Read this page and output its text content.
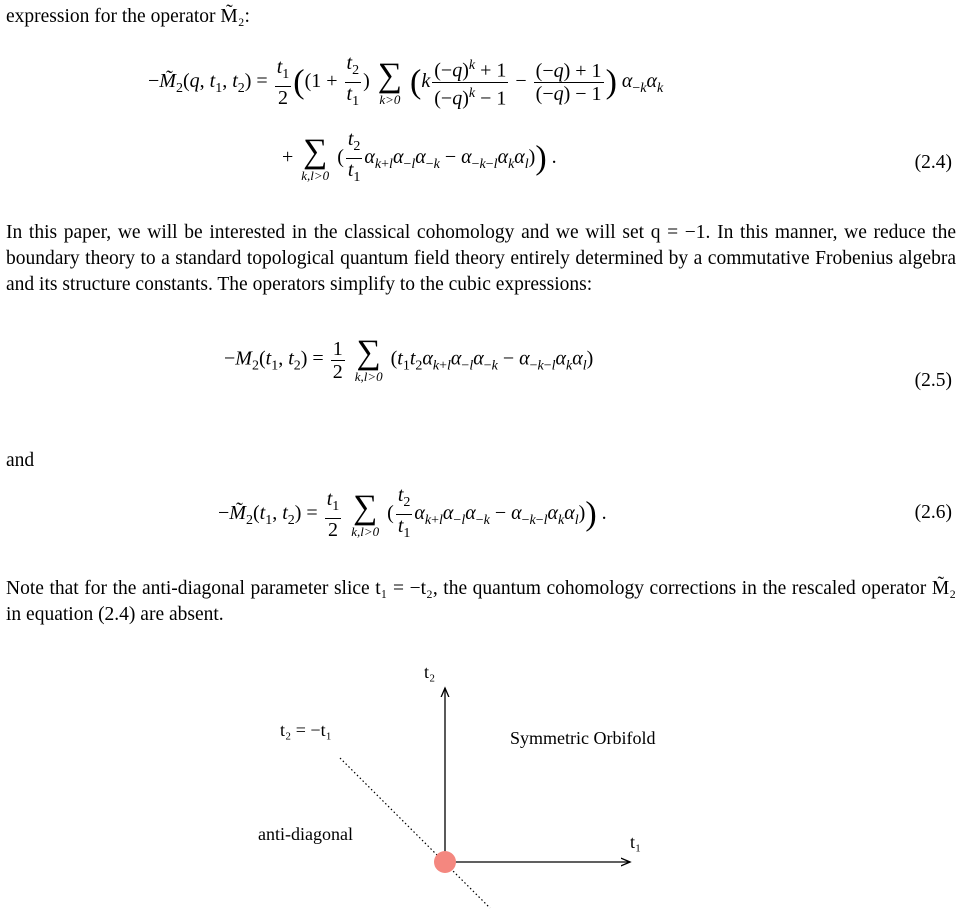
expression for the operator M̃₂:
$-M̃_2(q$, $t_1$, $t_2) = \frac{t_1}{2} ((1 + \frac{t_2}{t_1}$ ) ∑
k>0 ($k \frac{(-q)^k + 1}{(-q)^k - 1} - \frac{(-q) + 1}{(-q) - 1}$ ) $\alpha_{-k}\alpha_k$
+ ∑
k,l>0
( $\frac{t_2}{t_1} \alpha_{k+l}\alpha_{-l}\alpha_{-k} - \alpha_{-k-l}\alpha_k\alpha_l$)) .	(2.4)
In this paper, we will be interested in the classical cohomology and we will set q = −1. In this manner, we reduce the boundary theory to a standard topological quantum field theory entirely determined by a commutative Frobenius algebra and its structure constants. The operators simplify to the cubic expressions:
$-M_2(t_1$, $t_2) = \frac{1}{2}$
∑
k,l>0
$(t_1t_2\alpha_{k+l}\alpha_{-l}\alpha_{-k} - \alpha_{-k-l}\alpha_k\alpha_l)$
(2.5)
and
$-M̃_2(t_1$, $t_2) = \frac{t_1}{2}$
∑
k,l>0
( $\frac{t_2}{t_1} \alpha_{k+l}\alpha_{-l}\alpha_{-k} - \alpha_{-k-l}\alpha_k\alpha_l$)) .	(2.6)
Note that for the anti-diagonal parameter slice t₁ = −t₂, the quantum cohomology corrections in the rescaled operator M̃₂ in equation (2.4) are absent.
t₂
t₁
t₂ = −t₁	Symmetric Orbifold
anti-diagonal
